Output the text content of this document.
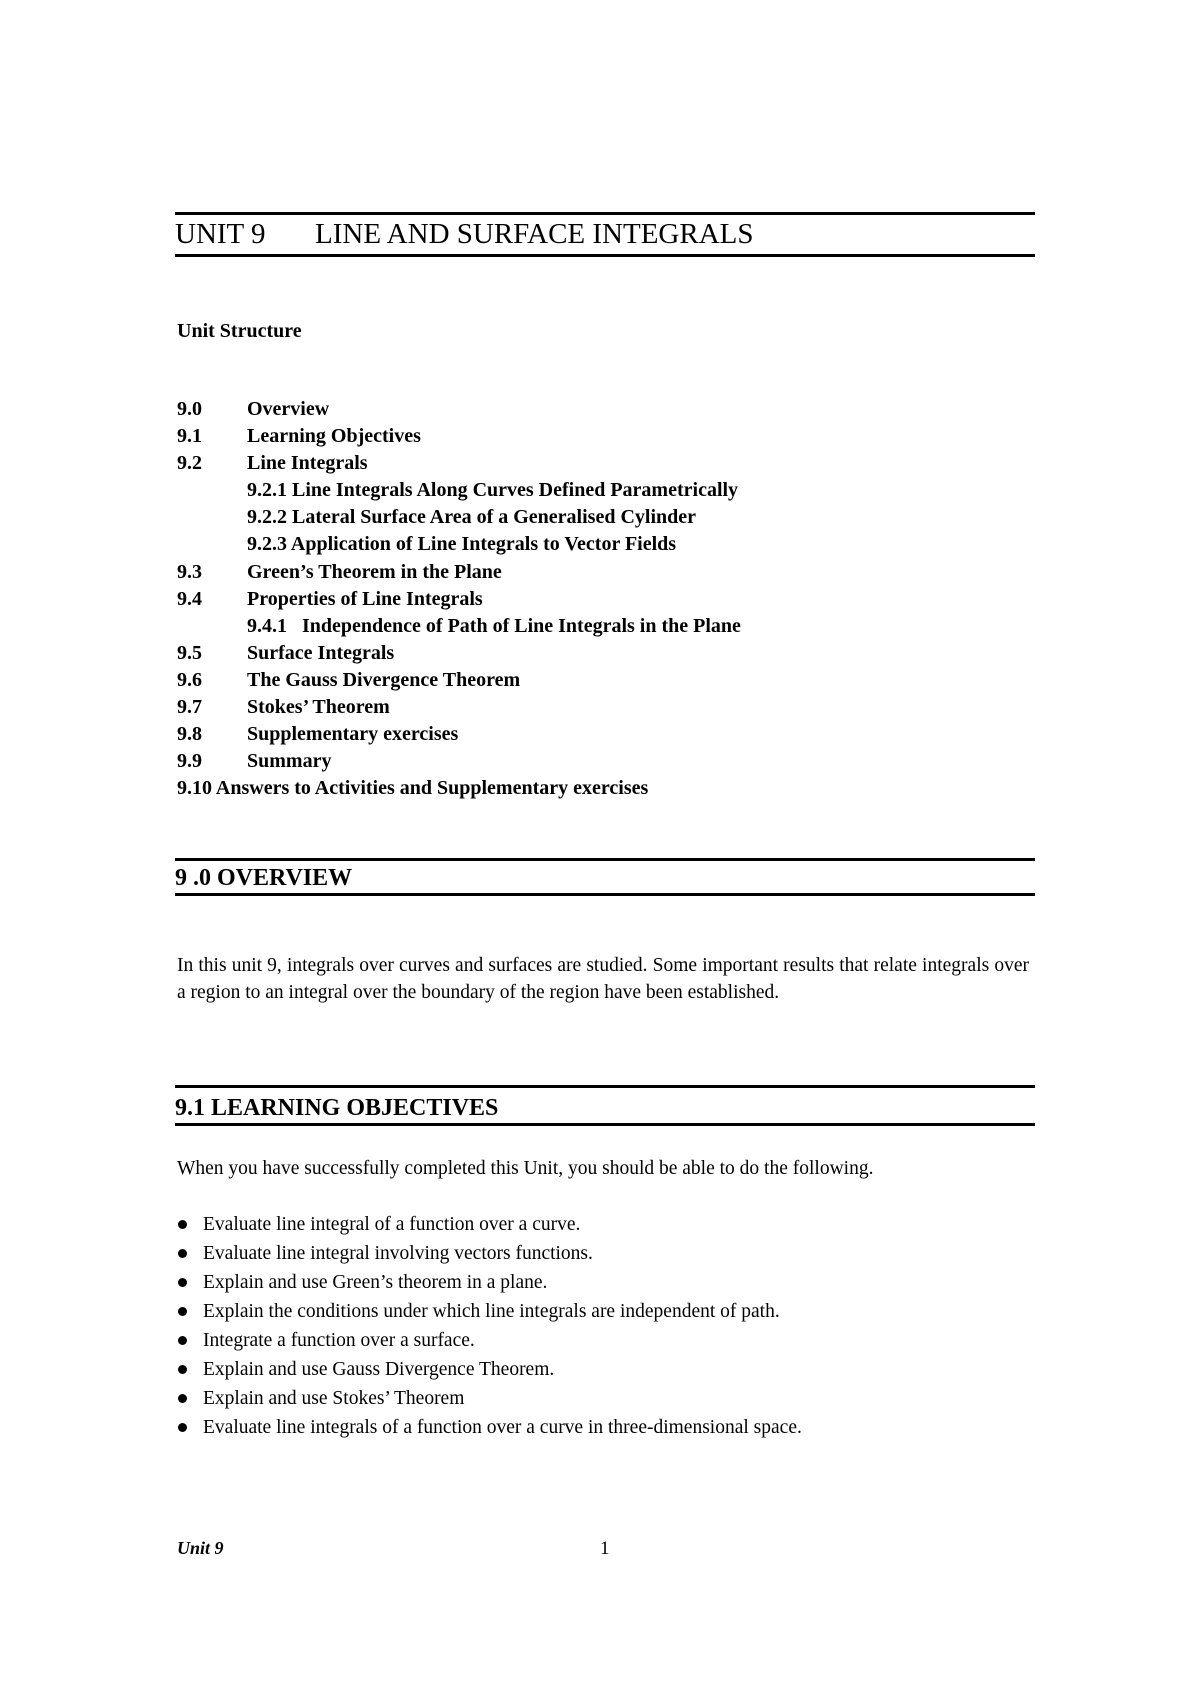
UNIT 9 LINE AND SURFACE INTEGRALS
Unit Structure
9.0 Overview
9.1 Learning Objectives
9.2 Line Integrals
9.2.1 Line Integrals Along Curves Defined Parametrically
9.2.2 Lateral Surface Area of a Generalised Cylinder
9.2.3 Application of Line Integrals to Vector Fields
9.3 Green’s Theorem in the Plane
9.4 Properties of Line Integrals
9.4.1   Independence of Path of Line Integrals in the Plane
9.5 Surface Integrals
9.6 The Gauss Divergence Theorem
9.7 Stokes’ Theorem
9.8 Supplementary exercises
9.9 Summary
9.10 Answers to Activities and Supplementary exercises
9 .0 OVERVIEW
In this unit 9, integrals over curves and surfaces are studied. Some important results that relate integrals over a region to an integral over the boundary of the region have been established.
9.1 LEARNING OBJECTIVES
When you have successfully completed this Unit, you should be able to do the following.
Evaluate line integral of a function over a curve.
Evaluate line integral involving vectors functions.
Explain and use Green’s theorem in a plane.
Explain the conditions under which line integrals are independent of path.
Integrate a function over a surface.
Explain and use Gauss Divergence Theorem.
Explain and use Stokes’ Theorem
Evaluate line integrals of a function over a curve in three-dimensional space.
Unit 9	1
